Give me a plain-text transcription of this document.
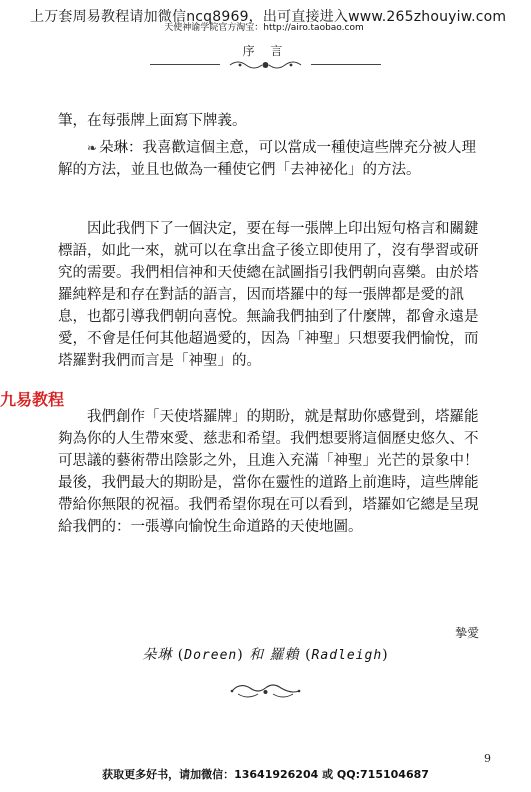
上万套周易教程请加微信ncq8969，出可直接进入www.265zhouyiw.com
天使神谕学院官方淘宝：http://airo.taobao.com
序 言

筆，在每張牌上面寫下牌義。

❧ 朵琳：我喜歡這個主意，可以當成一種使這些牌充分被人理解的方法，並且也做為一種使它們「去神祕化」的方法。

因此我們下了一個決定，要在每一張牌上印出短句格言和關鍵標語，如此一來，就可以在拿出盒子後立即使用了，沒有學習或研究的需要。我們相信神和天使總在試圖指引我們朝向喜樂。由於塔羅純粹是和存在對話的語言，因而塔羅中的每一張牌都是愛的訊息，也都引導我們朝向喜悅。無論我們抽到了什麼牌，都會永遠是愛，不會是任何其他超過愛的，因為「神聖」只想要我們愉悅，而塔羅對我們而言是「神聖」的。

我們創作「天使塔羅牌」的期盼，就是幫助你感覺到，塔羅能夠為你的人生帶來愛、慈悲和希望。我們想要將這個歷史悠久、不可思議的藝術帶出陰影之外，且進入充滿「神聖」光芒的景象中！最後，我們最大的期盼是，當你在靈性的道路上前進時，這些牌能帶給你無限的祝福。我們希望你現在可以看到，塔羅如它總是呈現給我們的：一張導向愉悅生命道路的天使地圖。

九易教程
摯愛
朵琳 (Doreen) 和 羅賴 (Radleigh)
9
获取更多好书，请加微信：13641926204 或 QQ:715104687
